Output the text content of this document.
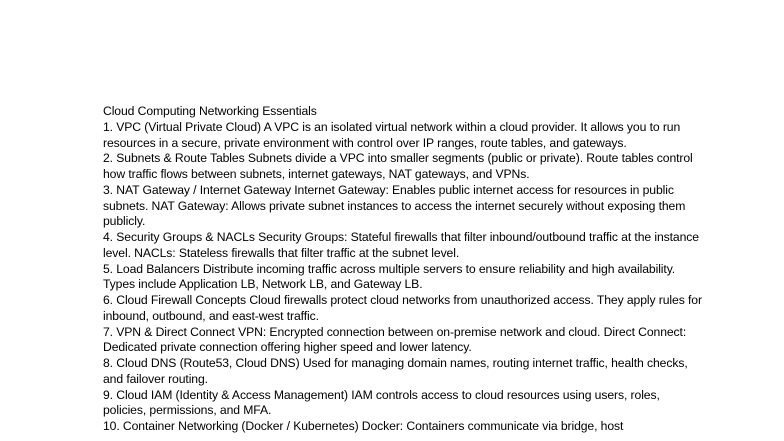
Cloud Computing Networking Essentials

1. VPC (Virtual Private Cloud) A VPC is an isolated virtual network within a cloud provider. It allows you to run resources in a secure, private environment with control over IP ranges, route tables, and gateways.

2. Subnets & Route Tables Subnets divide a VPC into smaller segments (public or private). Route tables control how traffic flows between subnets, internet gateways, NAT gateways, and VPNs.

3. NAT Gateway / Internet Gateway Internet Gateway: Enables public internet access for resources in public subnets. NAT Gateway: Allows private subnet instances to access the internet securely without exposing them publicly.

4. Security Groups & NACLs Security Groups: Stateful firewalls that filter inbound/outbound traffic at the instance level. NACLs: Stateless firewalls that filter traffic at the subnet level.

5. Load Balancers Distribute incoming traffic across multiple servers to ensure reliability and high availability. Types include Application LB, Network LB, and Gateway LB.

6. Cloud Firewall Concepts Cloud firewalls protect cloud networks from unauthorized access. They apply rules for inbound, outbound, and east-west traffic.

7. VPN & Direct Connect VPN: Encrypted connection between on-premise network and cloud. Direct Connect: Dedicated private connection offering higher speed and lower latency.

8. Cloud DNS (Route53, Cloud DNS) Used for managing domain names, routing internet traffic, health checks, and failover routing.

9. Cloud IAM (Identity & Access Management) IAM controls access to cloud resources using users, roles, policies, permissions, and MFA.

10. Container Networking (Docker / Kubernetes) Docker: Containers communicate via bridge, host
